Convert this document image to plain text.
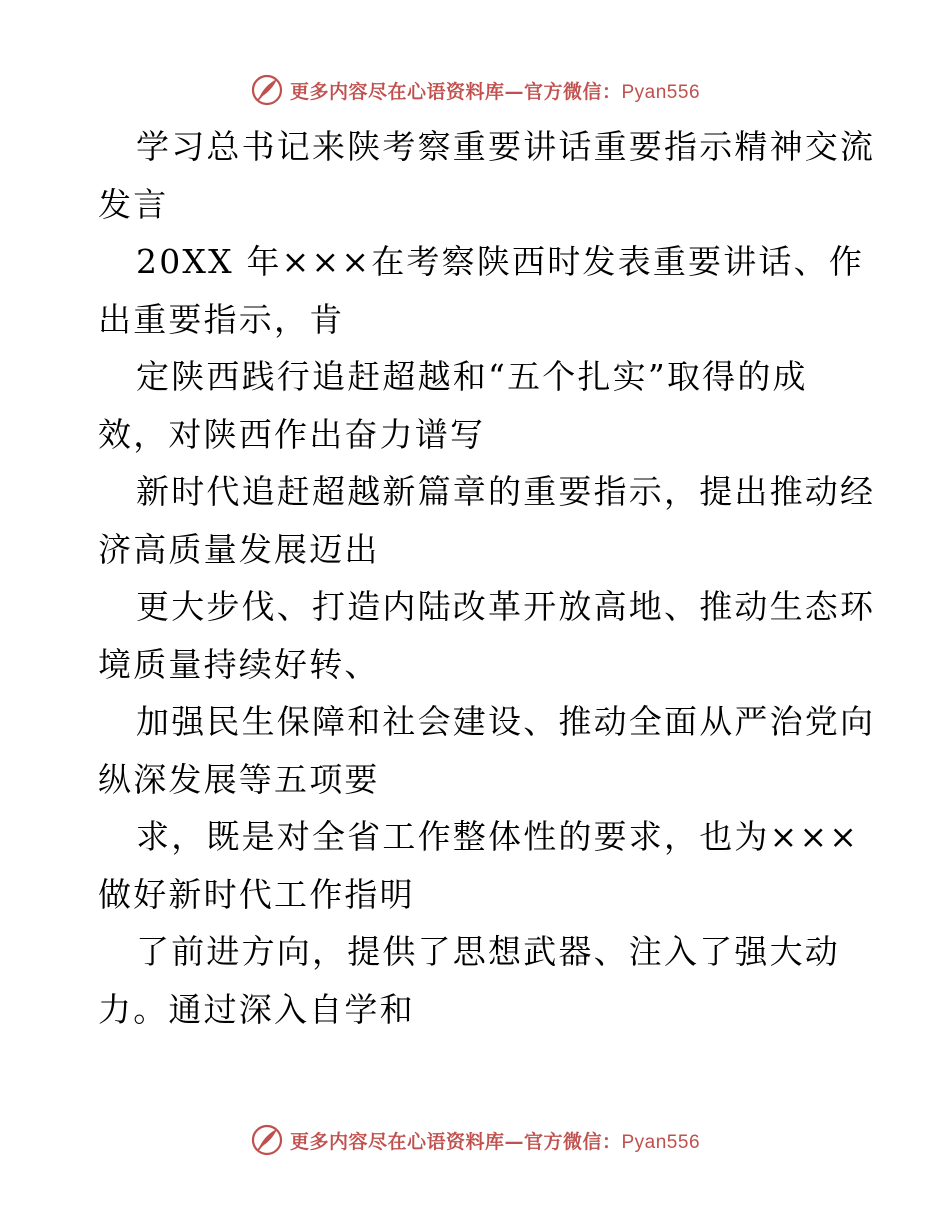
更多内容尽在心语资料库—官方微信：Pyan556
学习总书记来陕考察重要讲话重要指示精神交流
发言
20XX 年×××在考察陕西时发表重要讲话、作
出重要指示，肯
定陕西践行追赶超越和“五个扎实”取得的成
效，对陕西作出奋力谱写
新时代追赶超越新篇章的重要指示，提出推动经
济高质量发展迈出
更大步伐、打造内陆改革开放高地、推动生态环
境质量持续好转、
加强民生保障和社会建设、推动全面从严治党向
纵深发展等五项要
求，既是对全省工作整体性的要求，也为×××
做好新时代工作指明
了前进方向，提供了思想武器、注入了强大动
力。通过深入自学和
更多内容尽在心语资料库—官方微信：Pyan556
